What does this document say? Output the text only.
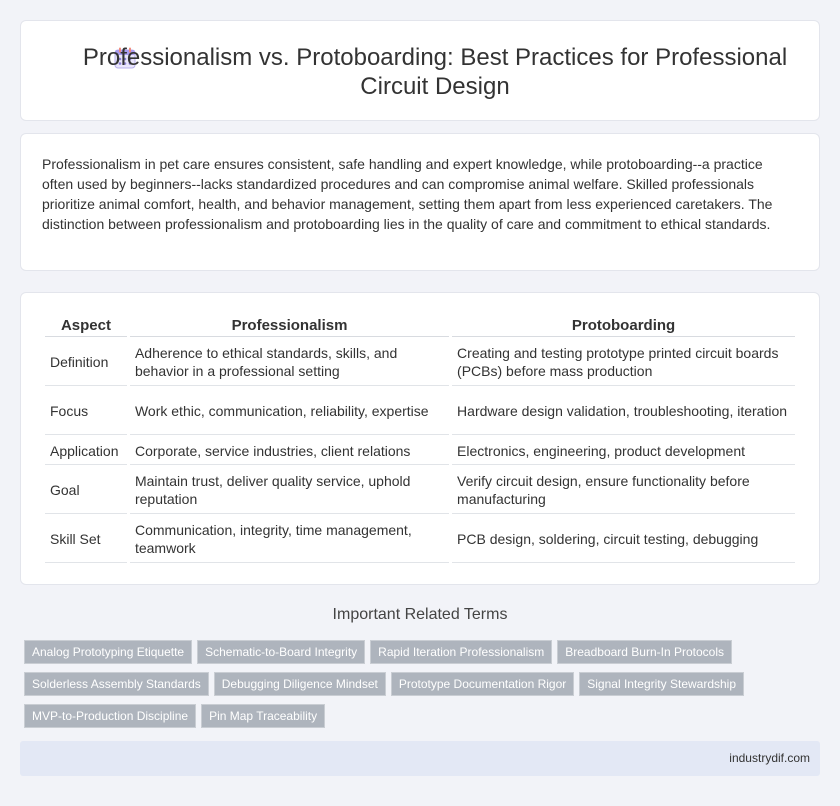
Professionalism vs. Protoboarding: Best Practices for Professional Circuit Design

Professionalism in pet care ensures consistent, safe handling and expert knowledge, while protoboarding--a practice often used by beginners--lacks standardized procedures and can compromise animal welfare. Skilled professionals prioritize animal comfort, health, and behavior management, setting them apart from less experienced caretakers. The distinction between professionalism and protoboarding lies in the quality of care and commitment to ethical standards.

Aspect	Professionalism	Protoboarding
Definition	Adherence to ethical standards, skills, and behavior in a professional setting	Creating and testing prototype printed circuit boards (PCBs) before mass production
Focus	Work ethic, communication, reliability, expertise	Hardware design validation, troubleshooting, iteration
Application	Corporate, service industries, client relations	Electronics, engineering, product development
Goal	Maintain trust, deliver quality service, uphold reputation	Verify circuit design, ensure functionality before manufacturing
Skill Set	Communication, integrity, time management, teamwork	PCB design, soldering, circuit testing, debugging
Important Related Terms
Analog Prototyping Etiquette Schematic-to-Board Integrity Rapid Iteration Professionalism Breadboard Burn-In Protocols
Solderless Assembly Standards Debugging Diligence Mindset Prototype Documentation Rigor Signal Integrity Stewardship
MVP-to-Production Discipline Pin Map Traceability
industrydif.com
